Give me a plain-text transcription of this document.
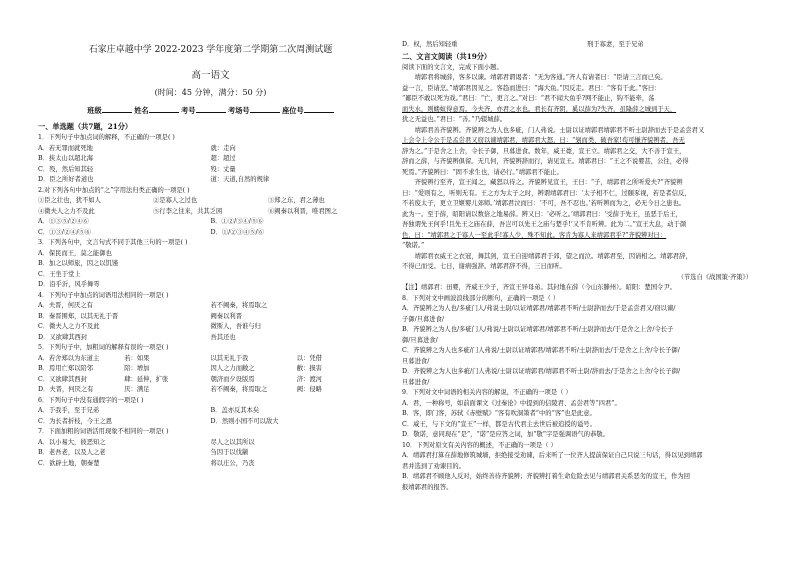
石家庄卓越中学 2022-2023 学年度第二学期第二次周测试题
高一语文
(时间：45 分钟，满分：50 分)
班级	姓名	考号	考场号	座位号
一、单选题（共7题，21分）
1．下列句子中加点词的解释，不正确的一项是( )
A．若无罪而就死地	就：走向
B．挟太山以超北海	超：超过
C．殁，然后知其轻	殁：丈量
D．臣之所好者道也	道：天道,自然的规律
2.对下列各句中加点的“之”字用法归类正确的一项是( )
①臣之壮也，犹不如人	②是寡人之过也	③郑之东，君之薄也
④微夫人之力不及此	⑤行李之往来，共其乏困	⑥阙秦以利晋，唯君图之
A．①③⑤/②④⑥	B．①②/③④/⑤⑥
C．①③/②④/⑤⑥	D．①/②③④⑤/⑥
3．下列各句中，文言句式不同于其他三句的一项是( )
A．保民而王，莫之能御也
B．加之以师旅，因之以饥馑
C．王坐于堂上
D．沿乎沂，风乎舞雩
4．下列句子中加点的词语用法相同的一项是( )
A．夫晋，何厌之有	若不阙秦，将焉取之
B．秦晋围郑，以其无礼于晋	阙秦以利晋
C．微夫人之力不及此	微斯人，吾谁与归
D．又欲肆其西封	吾其还也
5．下列句子中，加粗词的解释有误的一项是( )
A．若舍郑以为东道主	若：如果	以其无礼于我	以：凭借
B．焉用亡郑以陪邻	陪：增加	因人之力而敝之	敝：损害
C．又欲肆其西封	肆：延伸，扩张	朝济而夕设版焉	济：渡河
D．夫晋，何厌之有	厌：满足	若不阙秦，将焉取之	阙：侵略
6．下列句子中没有通假字的一项是( )
A．于我乎，至于兄弟	B．盖亦反其本矣
C．为长者折枝，今王之恩	D．然则小国不可以敌大
7．下面加粗的词语活用现象不相同的一项是( )
A．以小易大，彼恶知之	尽人之以其所以
B．老吾老，以及人之老	刍因于以伐颛
C．欲辟土地，朝秦楚	将以庄公，乃丧
D．权，然后知轻重	刑于寡妻，至于兄弟
二、文言文阅读（共19分）
阅读下面的文言文，完成下面小题。
靖郭君将城薛，客多以谏。靖郭君谓谒者：“无为客通。”齐人有请者曰：“臣请三言而已矣。
益一言，臣请烹。”靖郭君因见之。客趋而进曰：“海大鱼。”因反走。君曰：“客有于此。”客曰：
“鄙臣不敢以死为戏。”君曰：“亡，更言之。”对曰：“君不闻大鱼乎?网不能止，钩不能牵，荡
而失水，则蝼蚁得意焉。今夫齐，亦君之水也。君长有齐阴，奚以薛为?失齐，虽隆薛之城到于天，
犹之无益也。”君曰：“善。”乃辍城薛。
靖郭君善齐貌辨。齐貌辨之为人也多疵，门人弗说。士尉以证靖郭君靖郭君不听士尉辞而去于是孟尝君又
上会令上令公于是孟尝君又窃以谏靖郭君，靖郭君大怒，曰：“刬而类，破吾家!苟可慊齐貌辨者，吾无
辞为之。”于是舍之上舍，令长子御，旦暮进食。数年，威王薨，宣王立。靖郭君之交，大不善于宣王，
辞而之薛，与齐貌辨俱留。无几何，齐貌辨辞而行，请见宣王。靖郭君曰：“王之不说婴甚，公往，必得
死焉。”齐貌辨曰：“固不求生也，请必行。”靖郭君不能止。
齐貌辨行至齐，宣王闻之，藏怒以待之。齐貌辨见宣王，王曰：“子，靖郭君之所听爱夫?”齐貌辨
曰：“爱则有之，听则无有。王之方为太子之时，辨谓靖郭君曰：‘太子相不仁，过頤豕视，若是者信反，
不若废太子，更立卫姬婴儿郊师。’靖郭君泣而曰：‘不可，吾不忍也。’若听辨而为之，必无今日之患也。
此为一。至于薛，昭阳请以数倍之地易薛。辨又曰：‘必听之。’靖郭君曰：‘受薛于先王，虽恶于后王，
吾独谓先王何乎!且先王之庙在薛，吾岂可以先王之庙与楚乎!’又不肯听辨。此为二。”宣王大息，动于颜
色，曰：“靖郭君之于寡人一至此乎!寡人少，殊不知此。客肯为寡人来靖郭君乎?”齐貌辨对曰：
“敬诺。”
靖郭君衣威王之衣冠，舞其剑，宣王自迎靖郭君于郊，望之而泣。靖郭君至，因请相之。靖郭君辞，
不得已而受。七日，谢病强辞。靖郭君辞不得，三日而听。
（节选自《战国策·齐策》）
【注】靖郭君：田婴，齐威王少子，齐宣王异母弟。其封地在薛（今山东滕州）。昭阳：楚国令尹。
8．下列对文中画波浪线部分的断句，正确的一项是（ ）
A．齐貌辨之为人也/多疵门人/弗说士尉/以证靖郭君/靖郭君不听/士尉辞而去/于是孟尝君又/窃以谏/
子御/旦暮进食/
B．齐貌辨之为人也/多疵门人/弗说/士尉以证靖郭君/靖郭君不听/士尉辞而去/于是舍之上舍/令长子
御/旦暮进食/
C．齐貌辨之为人也多疵/门人弗说/士尉以证靖郭君/靖郭君不听/士尉辞而去/于是舍之上舍/令长子御/
旦暮进食/
D．齐貌辨之为人也多疵/门人弗说/士尉以证靖郭君/靖郭君不听士尉/辞而去/于是舍之上舍/令长子御/
旦暮进食/
9．下列对文中词语的相关内容的解说，不正确的一项是（ ）
A．君，一种称号，如前面课文《过秦论》中提到的信陵君、孟尝君等“四君”。
B．客，即门客，苏轼《赤壁赋》“客有吹洞箫者”中的“客”也是此意。
C．威王，与下文的“宣王”一样，都是古代君主去世后被追授的谥号。
D．敬诺，意同现在“是”，“诺”是应答之词，加“敬”字是强调语气的恭敬。
10．下列对原文有关内容的概述，不正确的一项是（ ）
A．靖郭君打算在薛地修筑城墙，拒绝接受劝谏，后来听了一位齐人提前保证自己只说三句话，得以见到靖郭
君并选到了劝谏目的。
B．靖郭君不顾他人反对，始终善待齐貌辨；齐貌辨打着生命危险去见与靖郭君关系恶劣的宣王，作为回
报靖郭君的报答。
